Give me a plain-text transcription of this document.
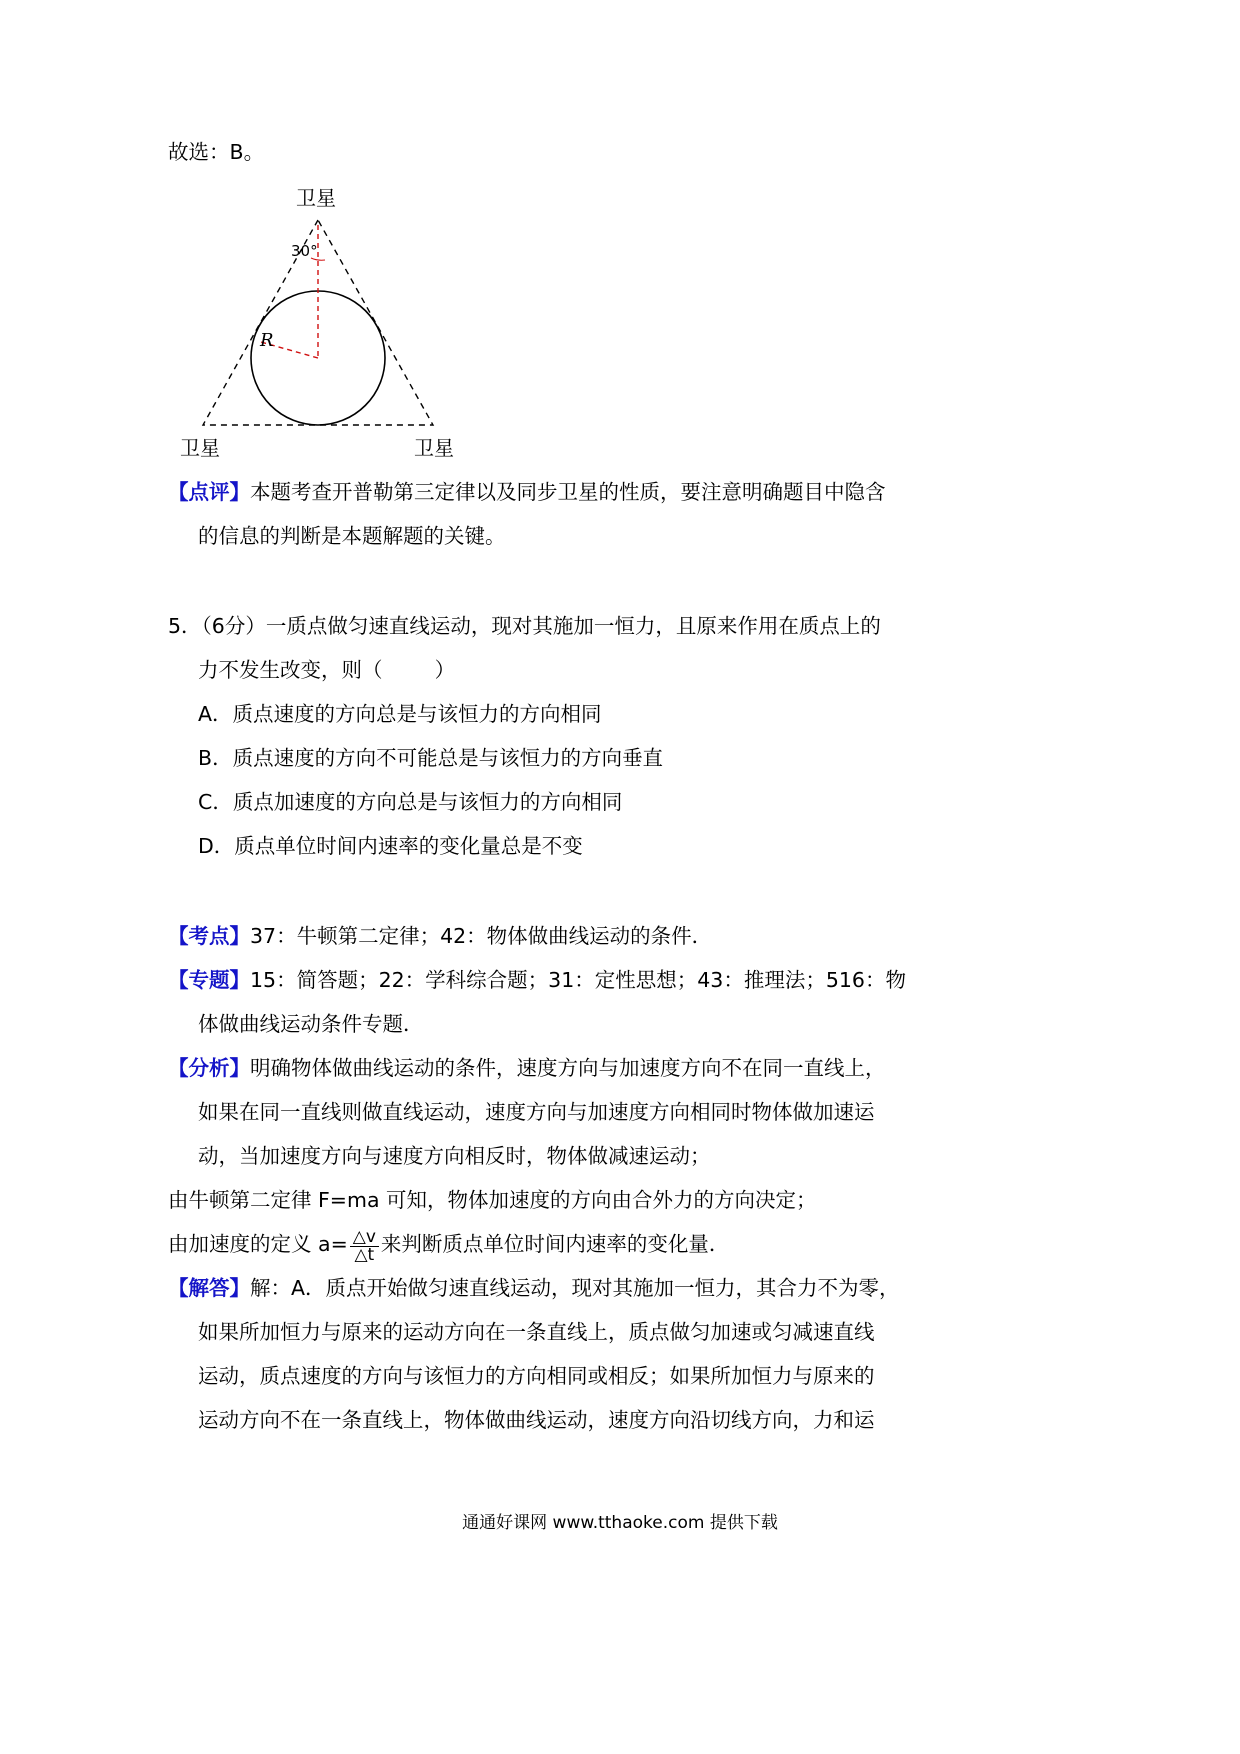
故选：B。
卫星
卫星	卫星
30°
R
【点评】本题考查开普勒第三定律以及同步卫星的性质，要注意明确题目中隐含
的信息的判断是本题解题的关键。
5．（6分）一质点做匀速直线运动，现对其施加一恒力，且原来作用在质点上的
力不发生改变，则（        ）
A．质点速度的方向总是与该恒力的方向相同
B．质点速度的方向不可能总是与该恒力的方向垂直
C．质点加速度的方向总是与该恒力的方向相同
D．质点单位时间内速率的变化量总是不变
【考点】37：牛顿第二定律；42：物体做曲线运动的条件．
【专题】15：简答题；22：学科综合题；31：定性思想；43：推理法；516：物
体做曲线运动条件专题．
【分析】明确物体做曲线运动的条件，速度方向与加速度方向不在同一直线上，
如果在同一直线则做直线运动，速度方向与加速度方向相同时物体做加速运
动，当加速度方向与速度方向相反时，物体做减速运动；
由牛顿第二定律 F=ma 可知，物体加速度的方向由合外力的方向决定；
由加速度的定义 $a= \frac{\triangle v}{\triangle t}$ 来判断质点单位时间内速率的变化量．
【解答】解：A．质点开始做匀速直线运动，现对其施加一恒力，其合力不为零，
如果所加恒力与原来的运动方向在一条直线上，质点做匀加速或匀减速直线
运动，质点速度的方向与该恒力的方向相同或相反；如果所加恒力与原来的
运动方向不在一条直线上，物体做曲线运动，速度方向沿切线方向，力和运
通通好课网 www.tthaoke.com 提供下载
